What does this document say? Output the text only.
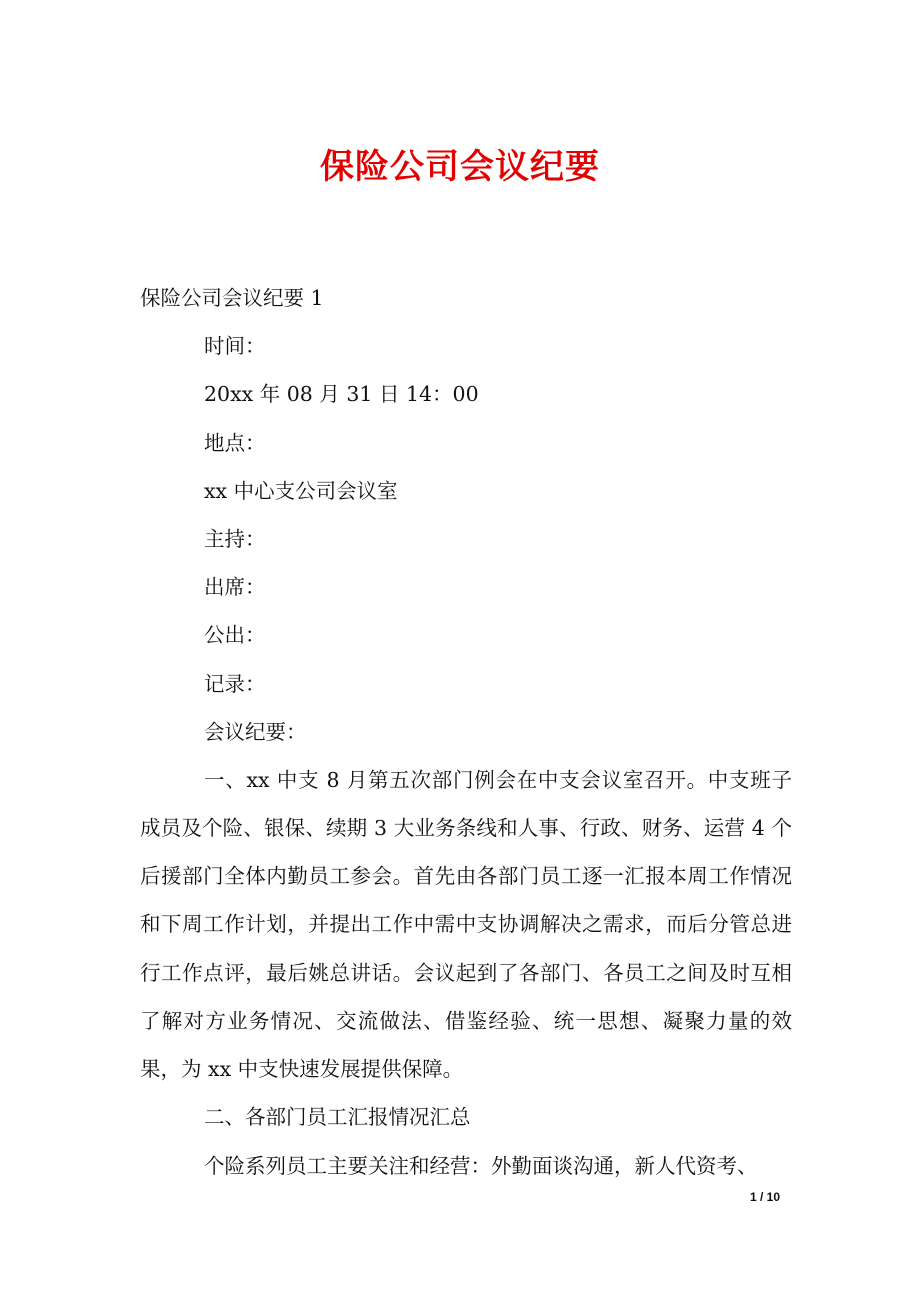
保险公司会议纪要
保险公司会议纪要 1
时间：
20xx 年 08 月 31 日 14：00
地点：
xx 中心支公司会议室
主持：
出席：
公出：
记录：
会议纪要：
一、xx 中支 8 月第五次部门例会在中支会议室召开。中支班子成员及个险、银保、续期 3 大业务条线和人事、行政、财务、运营 4 个后援部门全体内勤员工参会。首先由各部门员工逐一汇报本周工作情况和下周工作计划，并提出工作中需中支协调解决之需求，而后分管总进行工作点评，最后姚总讲话。会议起到了各部门、各员工之间及时互相了解对方业务情况、交流做法、借鉴经验、统一思想、凝聚力量的效果，为 xx 中支快速发展提供保障。
二、各部门员工汇报情况汇总
个险系列员工主要关注和经营：外勤面谈沟通，新人代资考、
1 / 10
